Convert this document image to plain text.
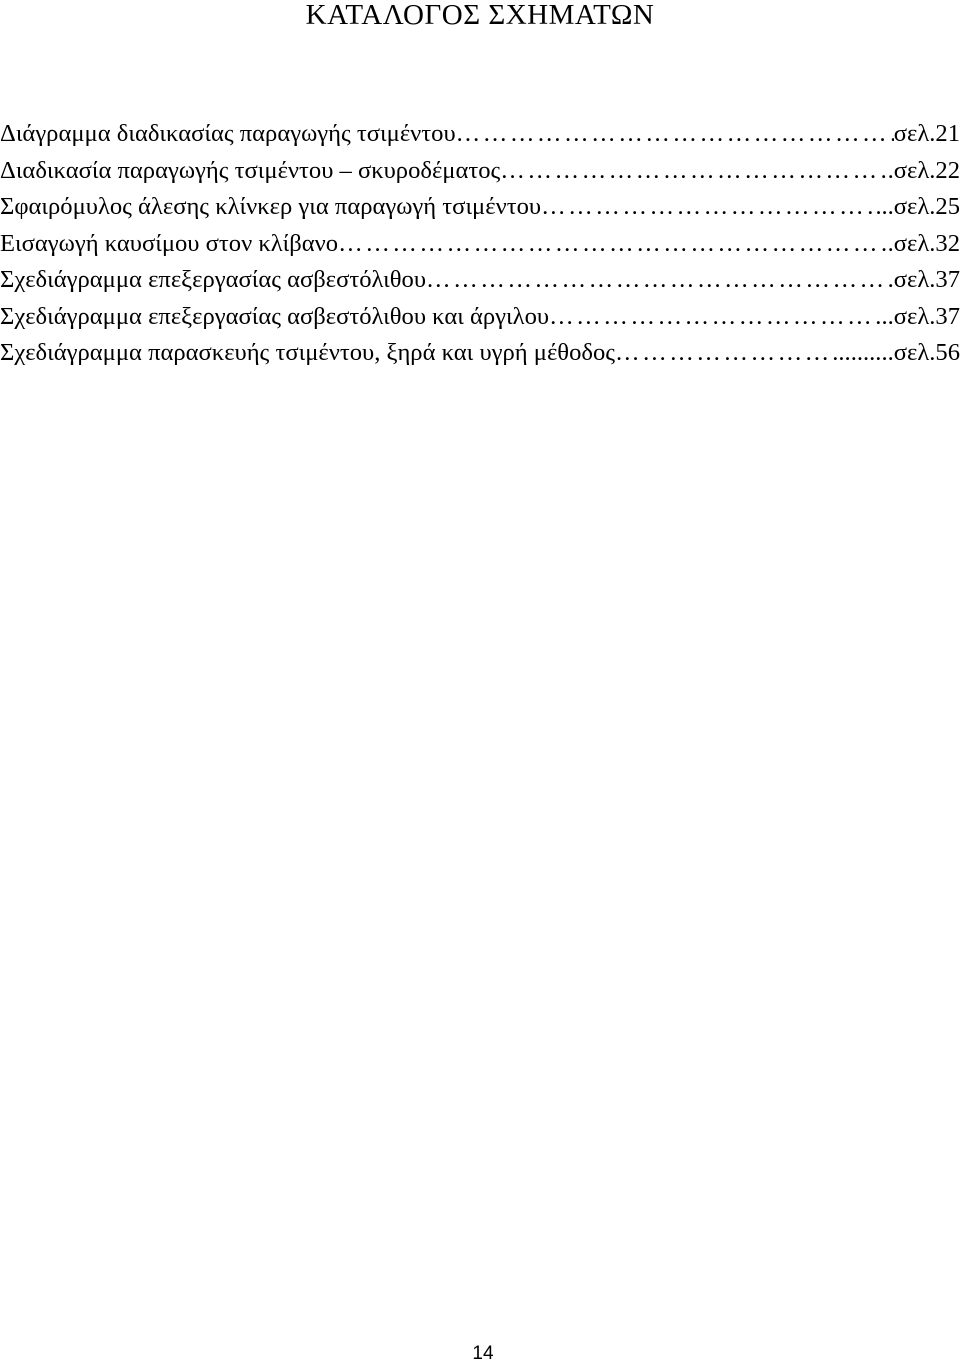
ΚΑΤΑΛΟΓΟΣ ΣΧΗΜΑΤΩΝ
Διάγραμμα διαδικασίας παραγωγής τσιμέντου …………………………………………………………………………………………………………………………………………………………	σελ.21
Διαδικασία παραγωγής τσιμέντου – σκυροδέματος …………………………………………………………………………………………………………………………………………………………	.σελ.22
Σφαιρόμυλος άλεσης κλίνκερ για παραγωγή τσιμέντου …………………………………………………………………………………………………………………………………………………………	..σελ.25
Εισαγωγή καυσίμου στον κλίβανο …………………………………………………………………………………………………………………………………………………………	.σελ.32
Σχεδιάγραμμα επεξεργασίας ασβεστόλιθου …………………………………………………………………………………………………………………………………………………………	σελ.37
Σχεδιάγραμμα επεξεργασίας ασβεστόλιθου και άργιλου …………………………………………………………………………………………………………………………………………………………	..σελ.37
Σχεδιάγραμμα παρασκευής τσιμέντου, ξηρά και υγρή μέθοδος …………………………………………………………………………………………………………………………………………………………	..........σελ.56
14
